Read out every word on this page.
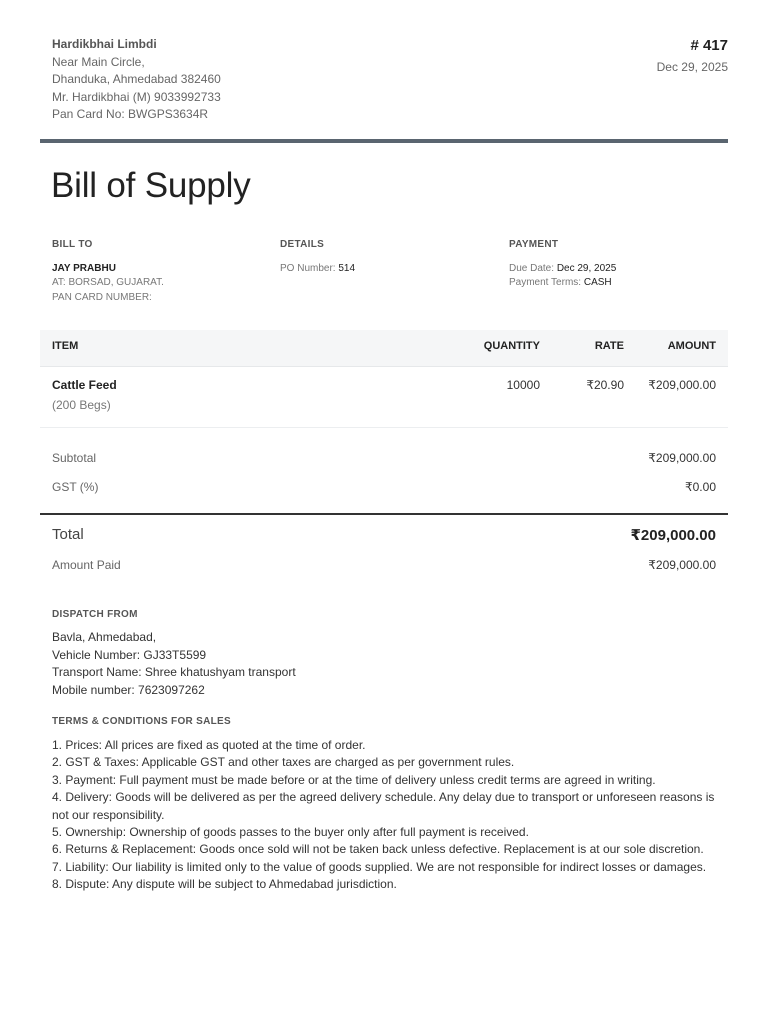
Hardikbhai Limbdi
Near Main Circle,
Dhanduka, Ahmedabad 382460
Mr. Hardikbhai (M) 9033992733
Pan Card No: BWGPS3634R
# 417
Dec 29, 2025
Bill of Supply
BILL TO
JAY PRABHU
AT: BORSAD, GUJARAT.
PAN CARD NUMBER:
DETAILS
PO Number: 514
PAYMENT
Due Date: Dec 29, 2025
Payment Terms: CASH
ITEM	QUANTITY	RATE	AMOUNT
Cattle Feed
(200 Begs)
10000	₹20.90 ₹209,000.00
Subtotal	₹209,000.00
GST (%)	₹0.00
Total	₹209,000.00
Amount Paid	₹209,000.00
DISPATCH FROM
Bavla, Ahmedabad,
Vehicle Number: GJ33T5599
Transport Name: Shree khatushyam transport
Mobile number: 7623097262
TERMS & CONDITIONS FOR SALES
1. Prices: All prices are fixed as quoted at the time of order.
2. GST & Taxes: Applicable GST and other taxes are charged as per government rules.
3. Payment: Full payment must be made before or at the time of delivery unless credit terms are agreed in writing.
4. Delivery: Goods will be delivered as per the agreed delivery schedule. Any delay due to transport or unforeseen reasons is not our responsibility.
5. Ownership: Ownership of goods passes to the buyer only after full payment is received.
6. Returns & Replacement: Goods once sold will not be taken back unless defective. Replacement is at our sole discretion.
7. Liability: Our liability is limited only to the value of goods supplied. We are not responsible for indirect losses or damages.
8. Dispute: Any dispute will be subject to Ahmedabad jurisdiction.
